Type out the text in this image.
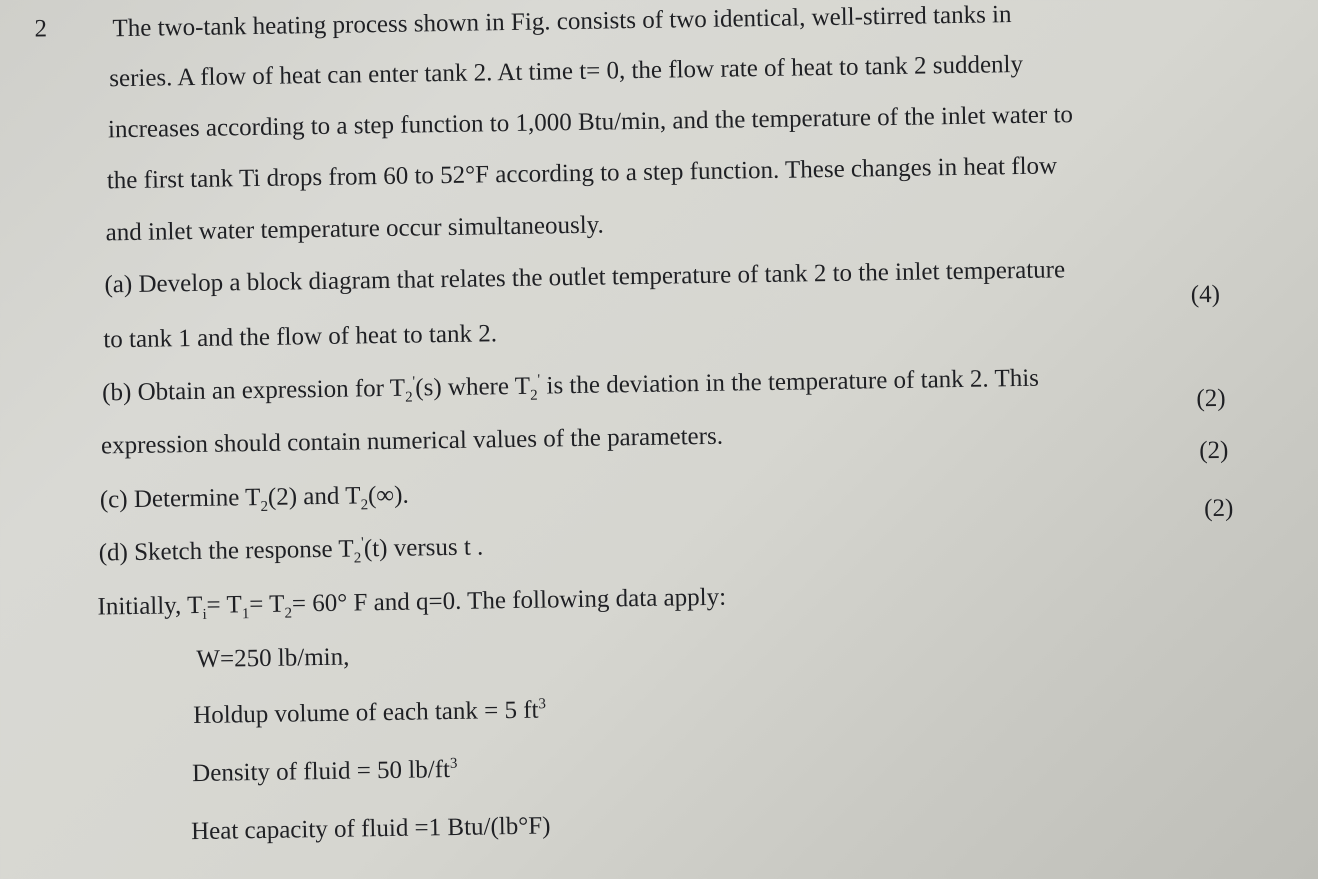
2	The two-tank heating process shown in Fig. consists of two identical, well-stirred tanks in
series. A flow of heat can enter tank 2. At time t= 0, the flow rate of heat to tank 2 suddenly
increases according to a step function to 1,000 Btu/min, and the temperature of the inlet water to
the first tank Ti drops from 60 to 52°F according to a step function. These changes in heat flow
and inlet water temperature occur simultaneously.
(a) Develop a block diagram that relates the outlet temperature of tank 2 to the inlet temperature	(4)
to tank 1 and the flow of heat to tank 2.
(b) Obtain an expression for $T_2'(s)$ where $T_2'$ is the deviation in the temperature of tank 2. This	(2)
expression should contain numerical values of the parameters.	(2)
(c) Determine $T_2(2)$ and $T_2(\infty)$.	(2)
(d) Sketch the response $T_2'(t)$ versus t .
Initially, $T_i= T_1= T_2= 60^\circ$ F and q=0. The following data apply:
W=250 lb/min,
Holdup volume of each tank = 5 $ft^3$
Density of fluid = 50 $lb/ft^3$
Heat capacity of fluid =1 Btu/(lb°F)
